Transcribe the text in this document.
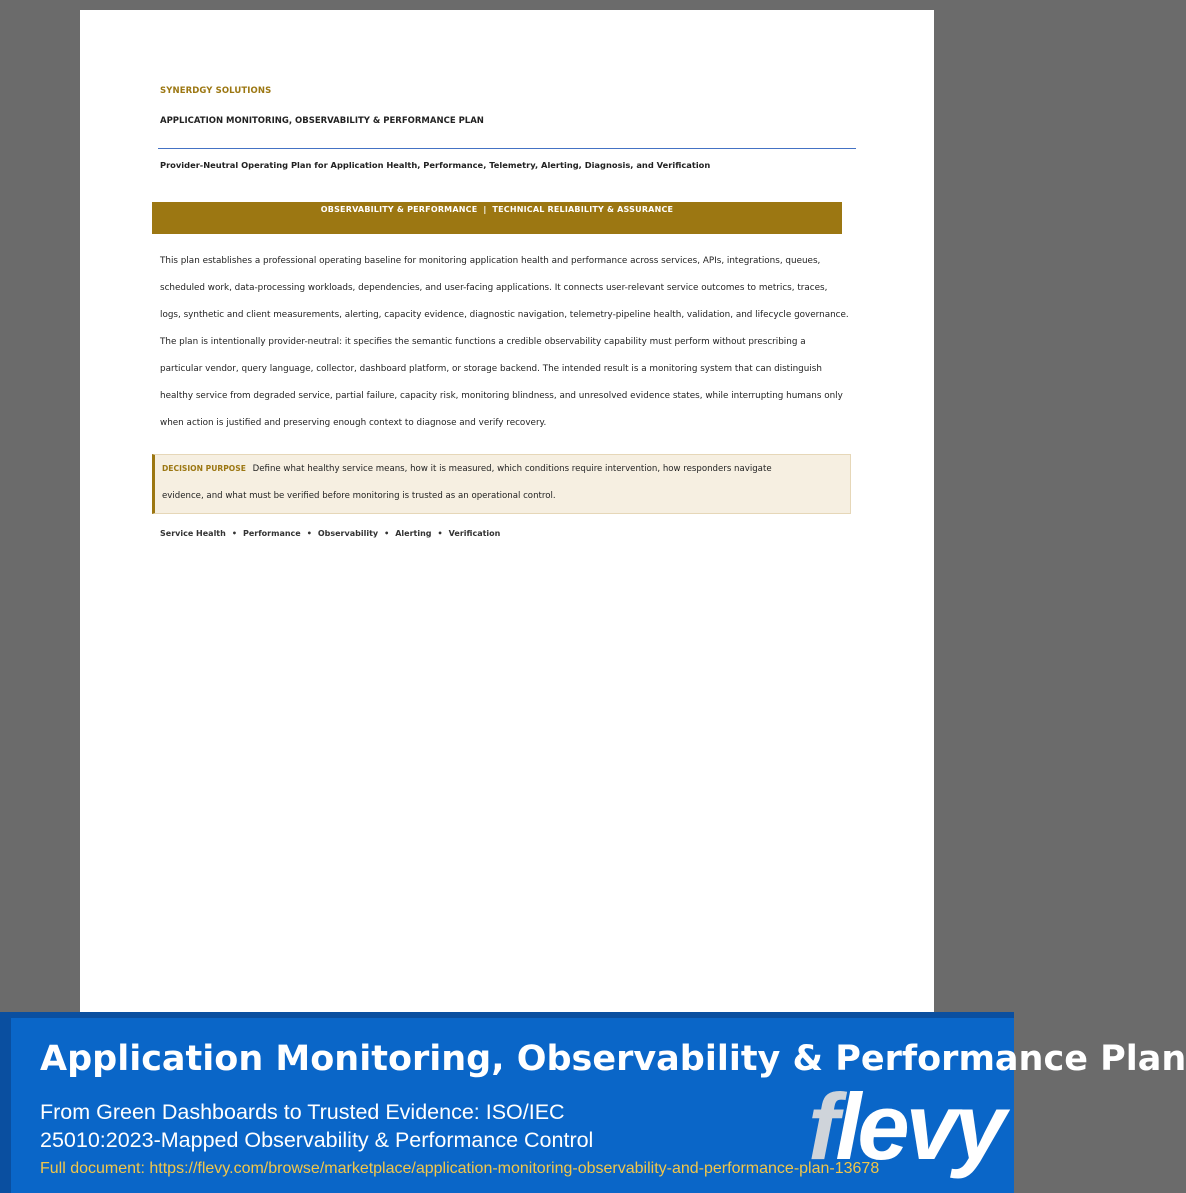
SYNERDGY SOLUTIONS
APPLICATION MONITORING, OBSERVABILITY & PERFORMANCE PLAN
Provider-Neutral Operating Plan for Application Health, Performance, Telemetry, Alerting, Diagnosis, and Verification
OBSERVABILITY & PERFORMANCE  |  TECHNICAL RELIABILITY & ASSURANCE
This plan establishes a professional operating baseline for monitoring application health and performance across services, APIs, integrations, queues, scheduled work, data-processing workloads, dependencies, and user-facing applications. It connects user-relevant service outcomes to metrics, traces, logs, synthetic and client measurements, alerting, capacity evidence, diagnostic navigation, telemetry-pipeline health, validation, and lifecycle governance. The plan is intentionally provider-neutral: it specifies the semantic functions a credible observability capability must perform without prescribing a particular vendor, query language, collector, dashboard platform, or storage backend. The intended result is a monitoring system that can distinguish healthy service from degraded service, partial failure, capacity risk, monitoring blindness, and unresolved evidence states, while interrupting humans only when action is justified and preserving enough context to diagnose and verify recovery.
DECISION PURPOSE Define what healthy service means, how it is measured, which conditions require intervention, how responders navigate evidence, and what must be verified before monitoring is trusted as an operational control.
Service Health • Performance • Observability • Alerting • Verification
Application Monitoring, Observability & Performance Plan
From Green Dashboards to Trusted Evidence: ISO/IEC 25010:2023-Mapped Observability & Performance Control
Full document: https://flevy.com/browse/marketplace/application-monitoring-observability-and-performance-plan-13678
flevy
